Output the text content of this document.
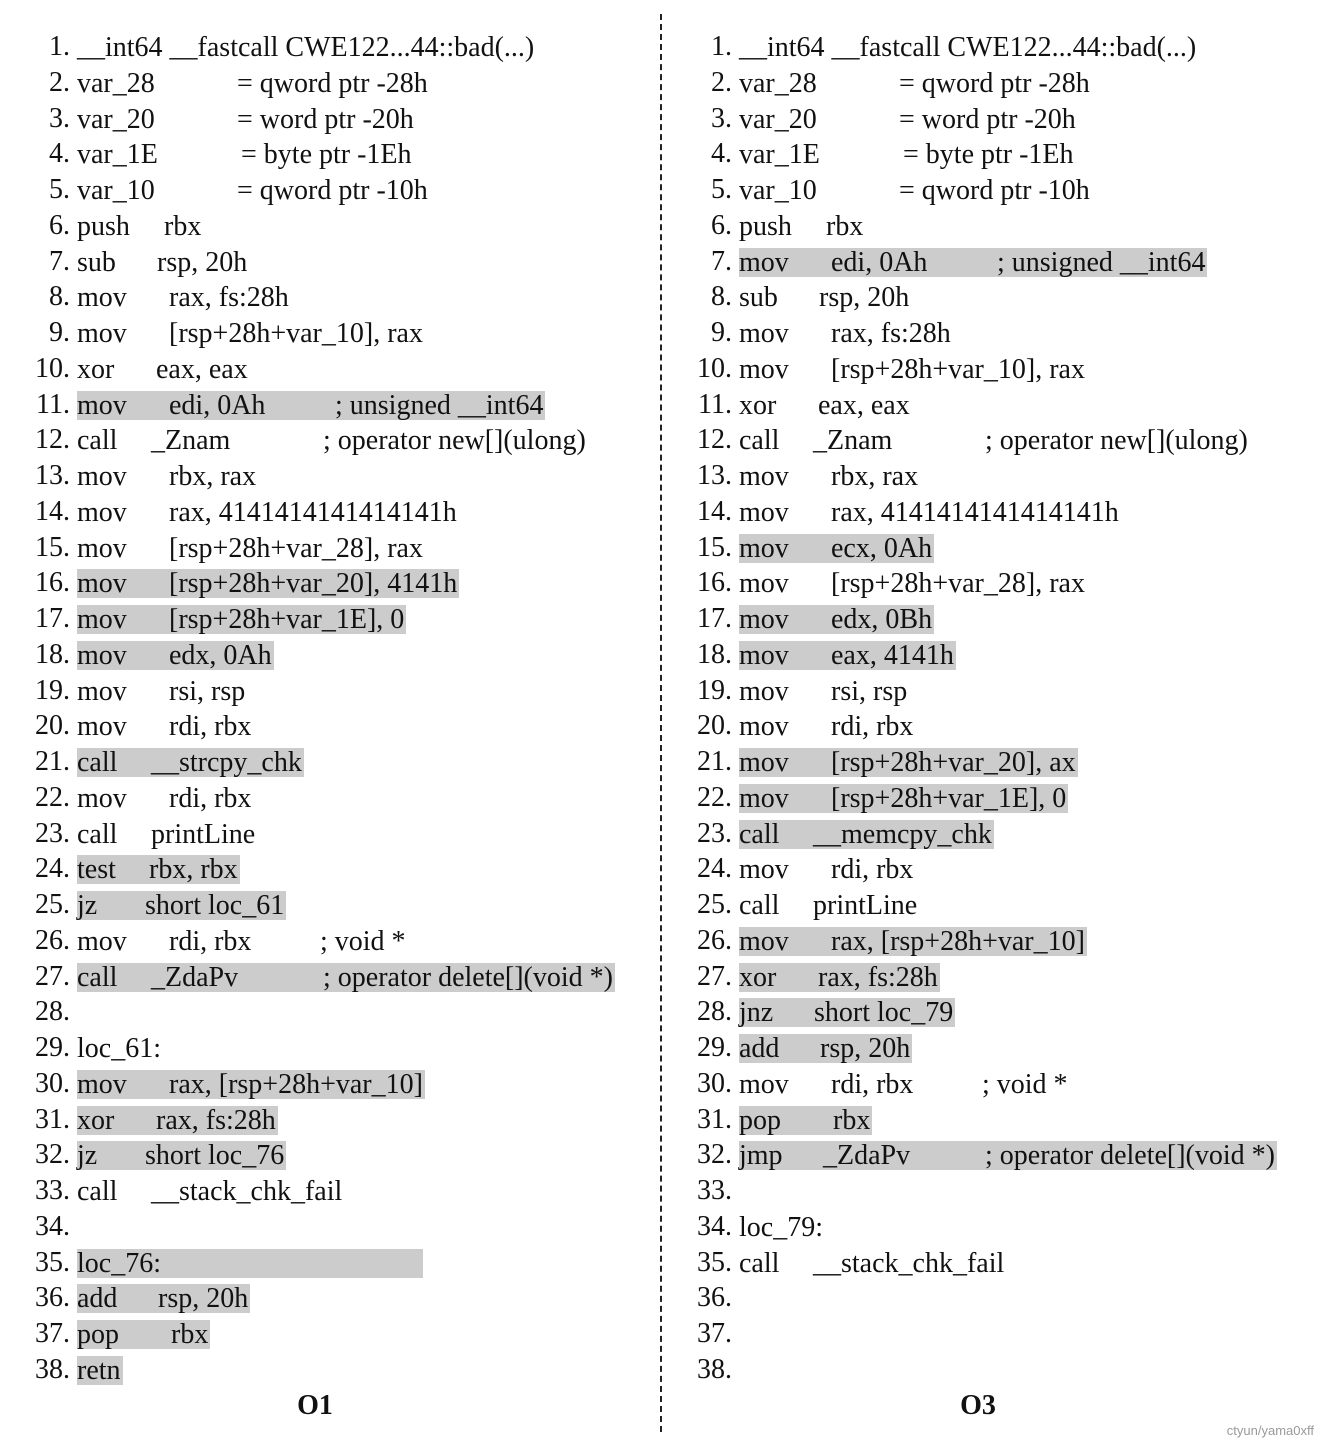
1. __int64 __fastcall CWE122...44::bad(...)
2. var_28	= qword ptr -28h
3. var_20	= word ptr -20h
4. var_1E	= byte ptr -1Eh
5. var_10	= qword ptr -10h
6. push rbx
7. sub rsp, 20h
8. mov rax, fs:28h
9. mov [rsp+28h+var_10], rax
10. xor eax, eax
11. mov edi, 0Ah ; unsigned __int64
12. call _Znam	; operator new[](ulong)
13. mov rbx, rax
14. mov rax, 4141414141414141h
15. mov [rsp+28h+var_28], rax
16. mov [rsp+28h+var_20], 4141h
17. mov [rsp+28h+var_1E], 0
18. mov edx, 0Ah
19. mov rsi, rsp
20. mov rdi, rbx
21. call __strcpy_chk
22. mov rdi, rbx
23. call printLine
24. test rbx, rbx
25. jz short loc_61
26. mov rdi, rbx ; void *
27. call _ZdaPv	; operator delete[](void *)
28.
29. loc_61:
30. mov rax, [rsp+28h+var_10]
31. xor rax, fs:28h
32. jz short loc_76
33. call __stack_chk_fail
34.
35. loc_76:
36. add rsp, 20h
37. pop rbx
38. retn
1. __int64 __fastcall CWE122...44::bad(...)
2. var_28	= qword ptr -28h
3. var_20	= word ptr -20h
4. var_1E	= byte ptr -1Eh
5. var_10	= qword ptr -10h
6. push rbx
7. mov edi, 0Ah ; unsigned __int64
8. sub rsp, 20h
9. mov rax, fs:28h
10. mov [rsp+28h+var_10], rax
11. xor eax, eax
12. call _Znam	; operator new[](ulong)
13. mov rbx, rax
14. mov rax, 4141414141414141h
15. mov ecx, 0Ah
16. mov [rsp+28h+var_28], rax
17. mov edx, 0Bh
18. mov eax, 4141h
19. mov rsi, rsp
20. mov rdi, rbx
21. mov [rsp+28h+var_20], ax
22. mov [rsp+28h+var_1E], 0
23. call __memcpy_chk
24. mov rdi, rbx
25. call printLine
26. mov rax, [rsp+28h+var_10]
27. xor rax, fs:28h
28. jnz short loc_79
29. add rsp, 20h
30. mov rdi, rbx ; void *
31. pop rbx
32. jmp _ZdaPv	; operator delete[](void *)
33.
34. loc_79:
35. call __stack_chk_fail
36.
37.
38.
O1	O3
ctyun/yama0xff
